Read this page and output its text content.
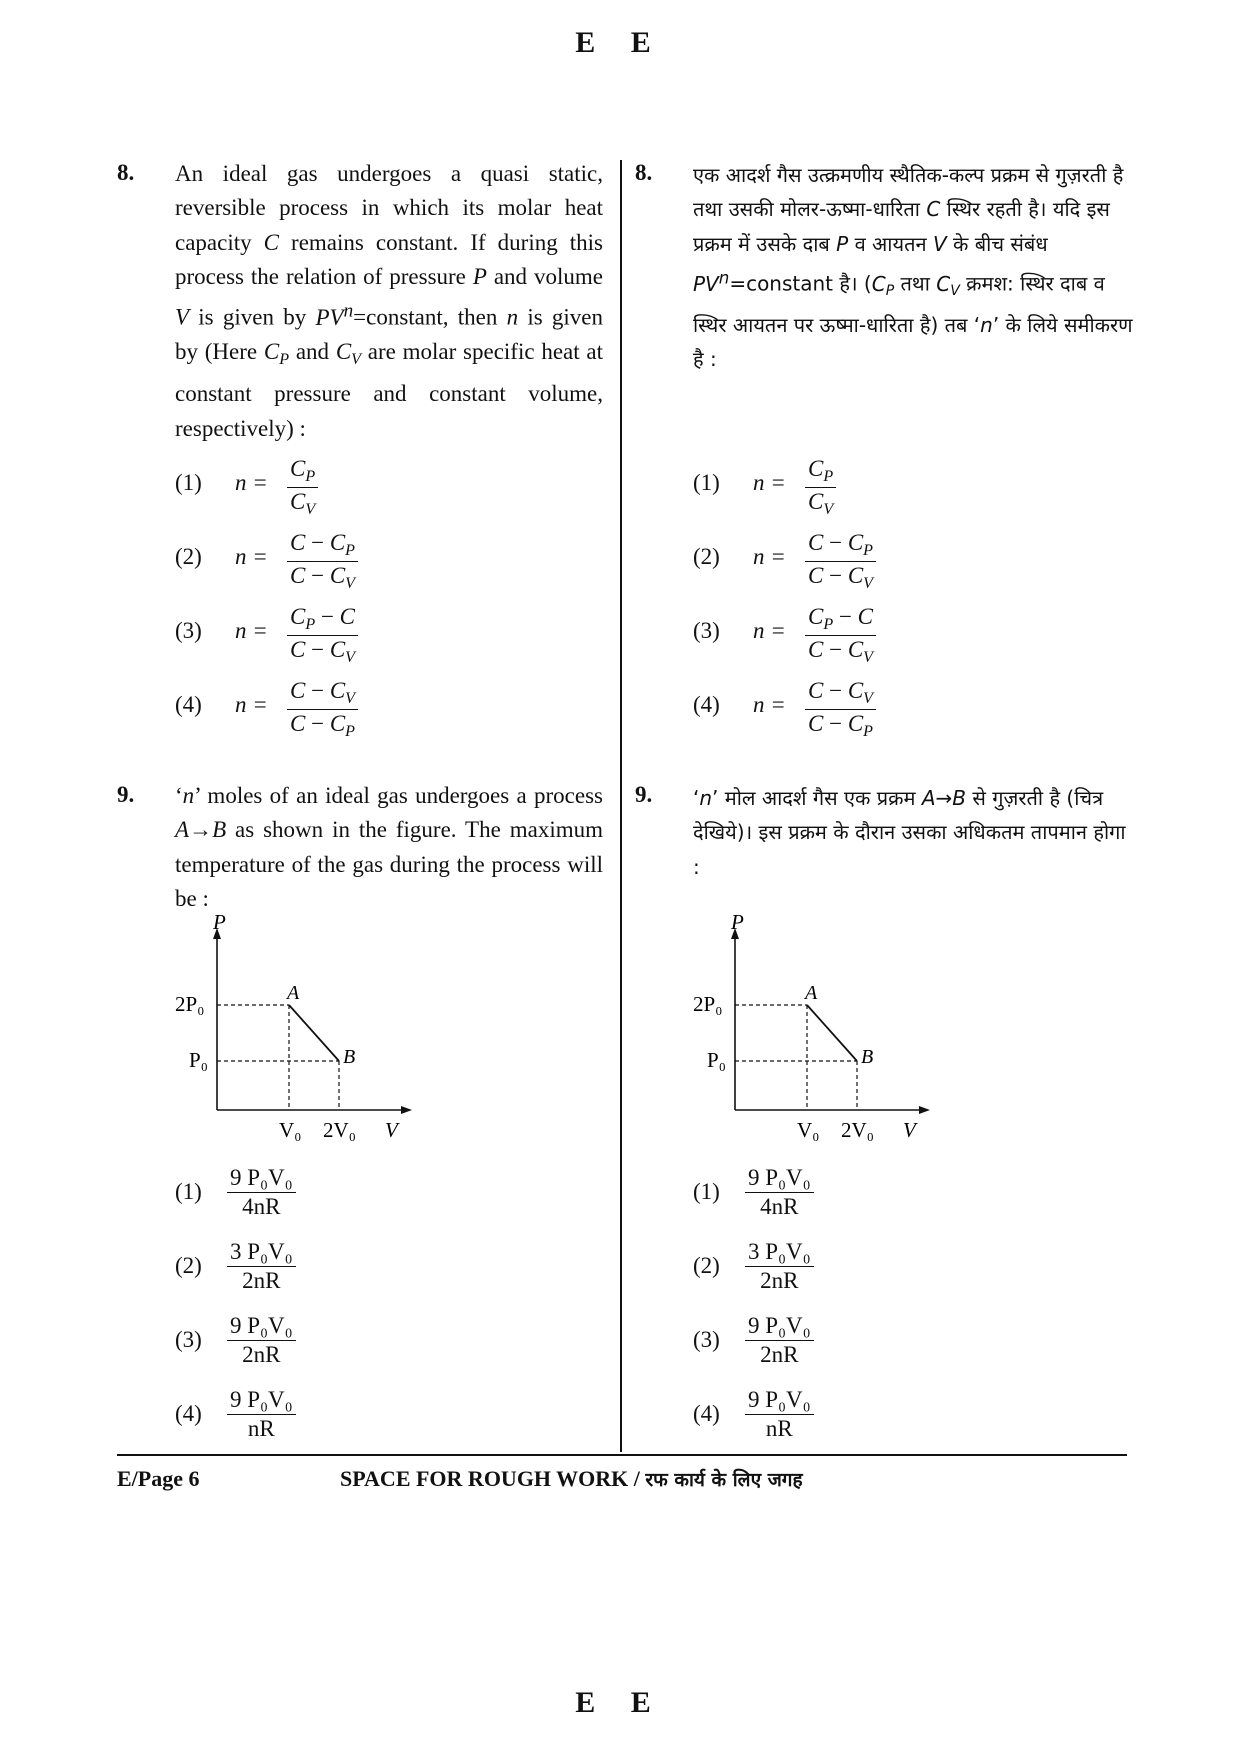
E E
8. An ideal gas undergoes a quasi static, reversible process in which its molar heat capacity C remains constant. If during this process the relation of pressure P and volume V is given by $PV^n=constant$, then n is given by (Here $C_P$ and $C_V$ are molar specific heat at constant pressure and constant volume, respectively) :
(1) $n = \frac{C_P}{C_V}$
(2) $n = \frac{C - C_P}{C - C_V}$
(3) $n = \frac{C_P - C}{C - C_V}$
(4) $n = \frac{C - C_V}{C - C_P}$
9. ‘n’ moles of an ideal gas undergoes a process A→B as shown in the figure. The maximum temperature of the gas during the process will be :
P
V
2P₀
P₀
V₀ 2V₀
A
B
$(1) \frac{\text{9 P₀V₀}}{4nR}$
$(2) \frac{\text{3 P₀V₀}}{2nR}$
$(3) \frac{\text{9 P₀V₀}}{2nR}$
$(4) \frac{\text{9 P₀V₀}}{nR}$
8. एक आदर्श गैस उत्क्रमणीय स्थैतिक-कल्प प्रक्रम से गुज़रती है तथा उसकी मोलर-ऊष्मा-धारिता C स्थिर रहती है। यदि इस प्रक्रम में उसके दाब P व आयतन V के बीच संबंध $PV^n=constant$ है। ($C_P$ तथा $C_V$ क्रमश: स्थिर दाब व स्थिर आयतन पर ऊष्मा-धारिता है) तब ‘n’ के लिये समीकरण है :
(1) $n = \frac{C_P}{C_V}$
(2) $n = \frac{C - C_P}{C - C_V}$
(3) $n = \frac{C_P - C}{C - C_V}$
(4) $n = \frac{C - C_V}{C - C_P}$
9. ‘n’ मोल आदर्श गैस एक प्रक्रम A→B से गुज़रती है (चित्र देखिये)। इस प्रक्रम के दौरान उसका अधिकतम तापमान होगा :
P
V
2P₀
P₀
V₀ 2V₀
A
B
$(1) \frac{\text{9 P₀V₀}}{4nR}$
$(2) \frac{\text{3 P₀V₀}}{2nR}$
$(3) \frac{\text{9 P₀V₀}}{2nR}$
$(4) \frac{\text{9 P₀V₀}}{nR}$
E/Page 6	SPACE FOR ROUGH WORK / रफ कार्य के लिए जगह
E E
